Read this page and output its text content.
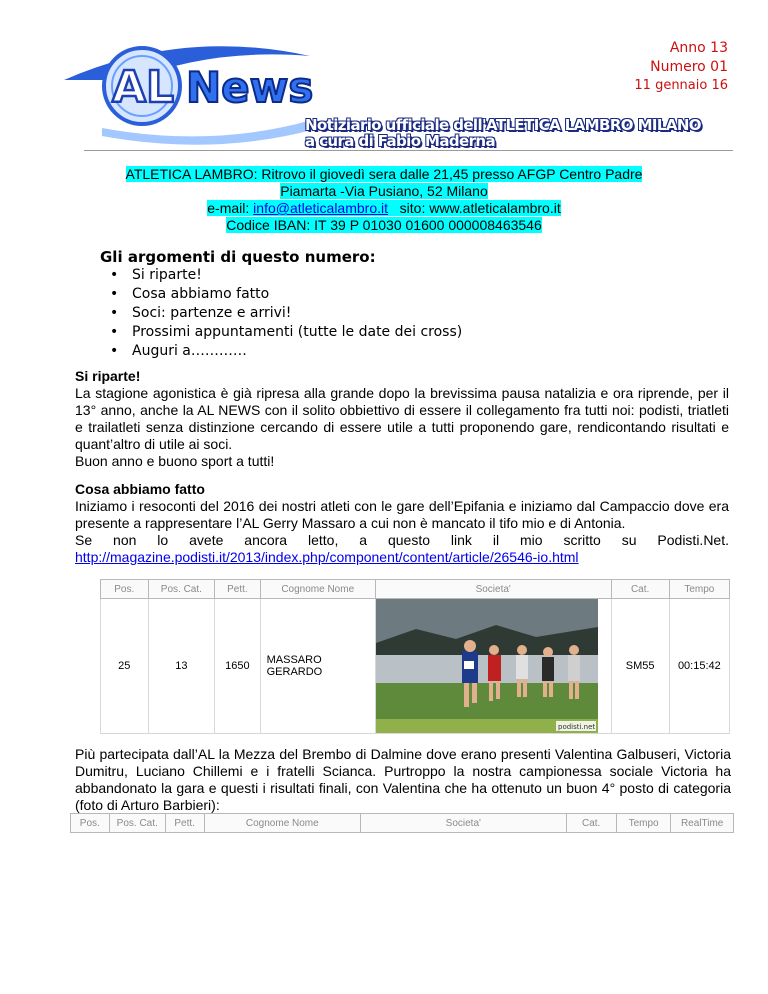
AL News
Anno 13
Numero 01
11 gennaio 16
Notiziario ufficiale dell'ATLETICA LAMBRO MILANO
a cura di Fabio Maderna
ATLETICA LAMBRO: Ritrovo il giovedì sera dalle 21,45 presso AFGP Centro Padre
Piamarta -Via Pusiano, 52 Milano
e-mail: info@atleticalambro.it   sito: www.atleticalambro.it
Codice IBAN: IT 39 P 01030 01600 000008463546
Gli argomenti di questo numero:
• Si riparte!
• Cosa abbiamo fatto
• Soci: partenze e arrivi!
• Prossimi appuntamenti (tutte le date dei cross)
• Auguri a…………
Si riparte!

La stagione agonistica è già ripresa alla grande dopo la brevissima pausa natalizia e ora riprende, per il 13° anno, anche la AL NEWS con il solito obbiettivo di essere il collegamento fra tutti noi: podisti, triatleti e trailatleti senza distinzione cercando di essere utile a tutti proponendo gare, rendicontando risultati e quant’altro di utile ai soci.

Buon anno e buono sport a tutti!

Cosa abbiamo fatto

Iniziamo i resoconti del 2016 dei nostri atleti con le gare dell’Epifania e iniziamo dal Campaccio dove era presente a rappresentare l’AL Gerry Massaro a cui non è mancato il tifo mio e di Antonia.

Se non lo avete ancora letto, a questo link il mio scritto su Podisti.Net.

http://magazine.podisti.it/2013/index.php/component/content/article/26546-io.html

Pos.	Pos. Cat.	Pett.	Cognome Nome	Societa'	Cat.	Tempo
25	13	1650	MASSARO GERARDO	podisti.net	SM55	00:15:42

Più partecipata dall’AL la Mezza del Brembo di Dalmine dove erano presenti Valentina Galbuseri, Victoria Dumitru, Luciano Chillemi e i fratelli Scianca. Purtroppo la nostra campionessa sociale Victoria ha abbandonato la gara e questi i risultati finali, con Valentina che ha ottenuto un buon 4° posto di categoria (foto di Arturo Barbieri):

Pos.	Pos. Cat.	Pett.	Cognome Nome	Societa'	Cat.	Tempo	RealTime
